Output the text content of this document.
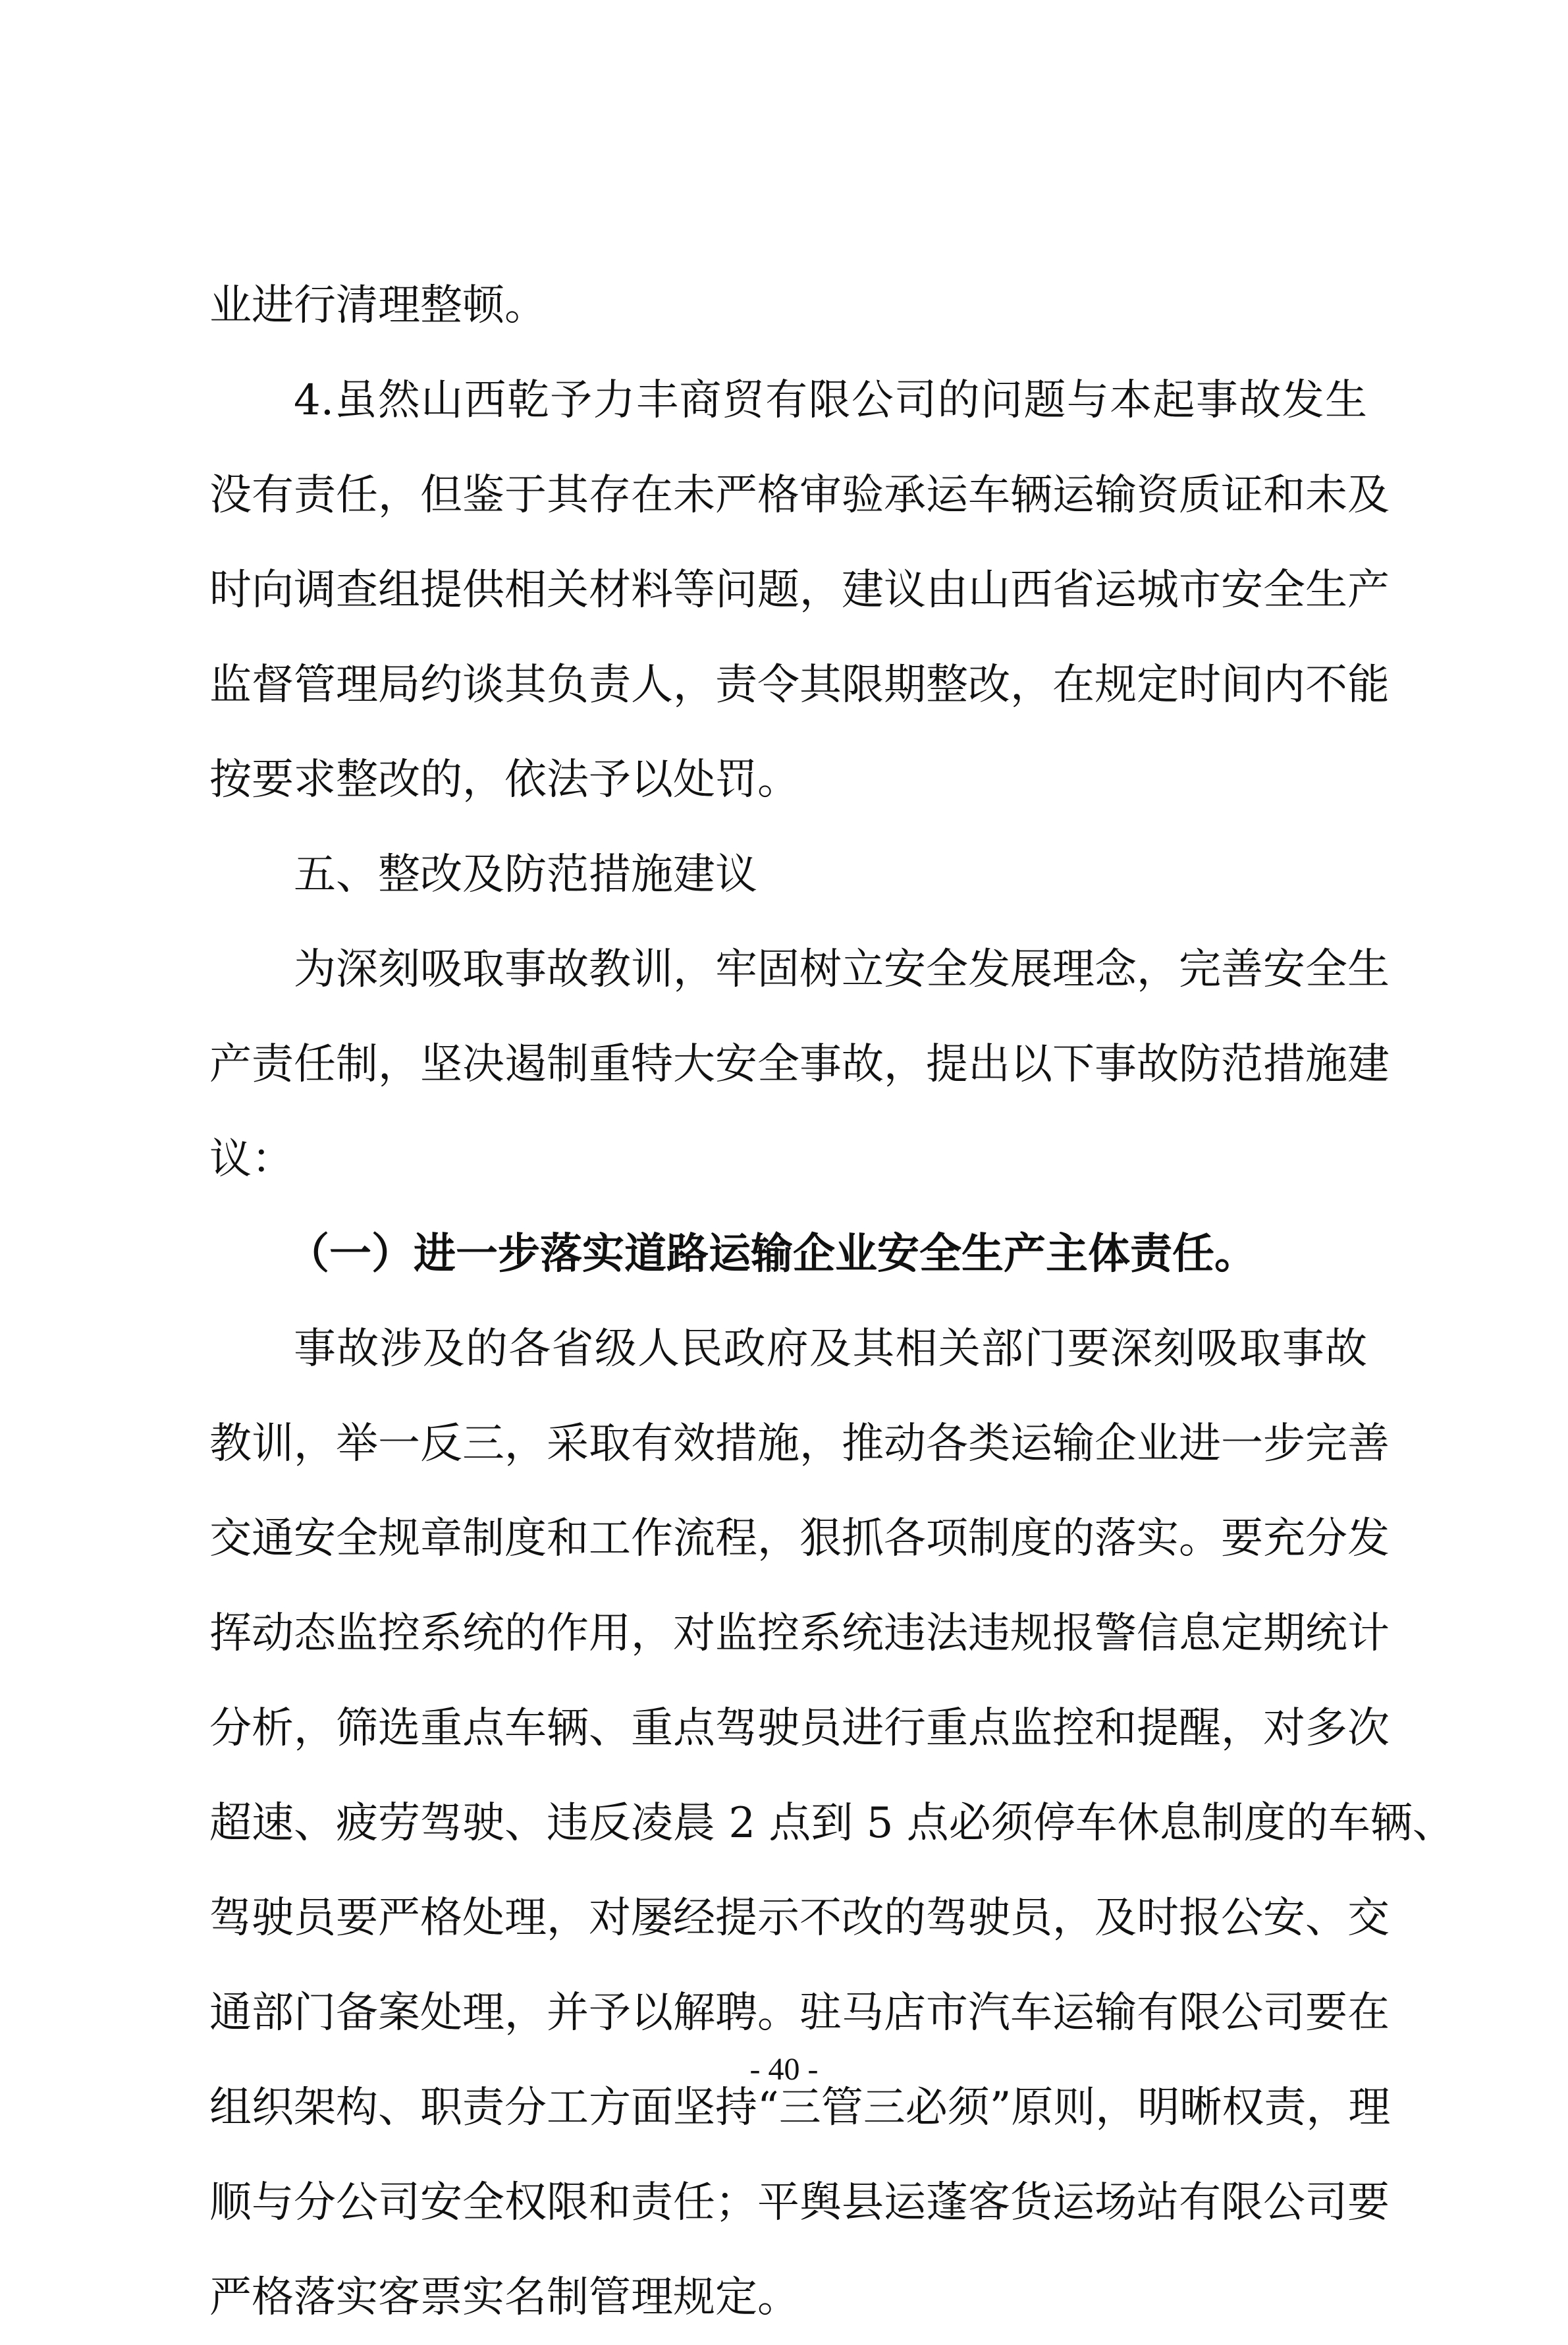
业进行清理整顿。
4.虽然山西乾予力丰商贸有限公司的问题与本起事故发生
没有责任，但鉴于其存在未严格审验承运车辆运输资质证和未及
时向调查组提供相关材料等问题，建议由山西省运城市安全生产
监督管理局约谈其负责人，责令其限期整改，在规定时间内不能
按要求整改的，依法予以处罚。
五、整改及防范措施建议
为深刻吸取事故教训，牢固树立安全发展理念，完善安全生
产责任制，坚决遏制重特大安全事故，提出以下事故防范措施建
议：
（一）进一步落实道路运输企业安全生产主体责任。
事故涉及的各省级人民政府及其相关部门要深刻吸取事故
教训，举一反三，采取有效措施，推动各类运输企业进一步完善
交通安全规章制度和工作流程，狠抓各项制度的落实。要充分发
挥动态监控系统的作用，对监控系统违法违规报警信息定期统计
分析，筛选重点车辆、重点驾驶员进行重点监控和提醒，对多次
超速、疲劳驾驶、违反凌晨 2 点到 5 点必须停车休息制度的车辆、
驾驶员要严格处理，对屡经提示不改的驾驶员，及时报公安、交
通部门备案处理，并予以解聘。驻马店市汽车运输有限公司要在
组织架构、职责分工方面坚持“三管三必须”原则，明晰权责，理
顺与分公司安全权限和责任；平舆县运蓬客货运场站有限公司要
严格落实客票实名制管理规定。
- 40 -
